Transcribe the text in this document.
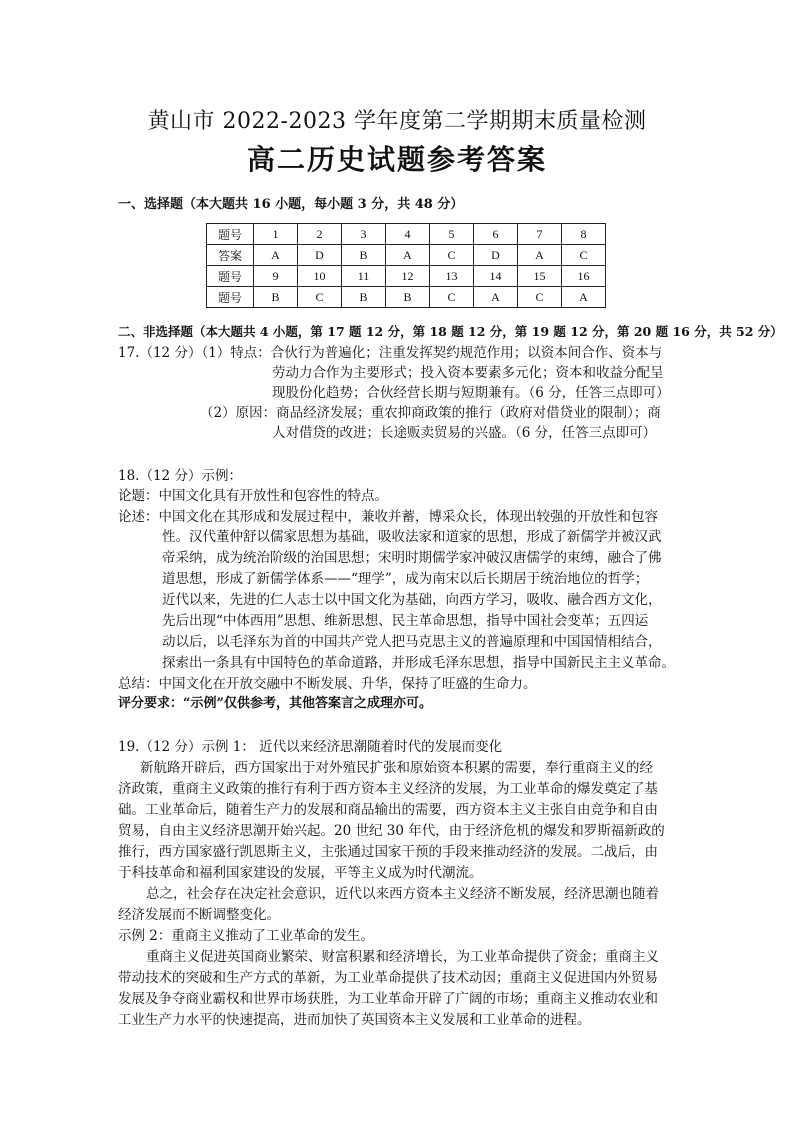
黄山市 2022-2023 学年度第二学期期末质量检测
高二历史试题参考答案
一、选择题（本大题共 16 小题，每小题 3 分，共 48 分）
题号	1	2	3	4	5	6	7	8
答案	A	D	B	A	C	D	A	C
题号	9	10	11	12	13	14	15	16
题号	B	C	B	B	C	A	C	A
二、非选择题（本大题共 4 小题，第 17 题 12 分，第 18 题 12 分，第 19 题 12 分，第 20 题 16 分，共 52 分）
17.（12 分）（1）特点：合伙行为普遍化；注重发挥契约规范作用；以资本间合作、资本与
劳动力合作为主要形式；投入资本要素多元化；资本和收益分配呈
现股份化趋势；合伙经营长期与短期兼有。（6 分，任答三点即可）
（2）原因：商品经济发展；重农抑商政策的推行（政府对借贷业的限制）；商
人对借贷的改进；长途贩卖贸易的兴盛。（6 分，任答三点即可）
18.（12 分）示例：
论题：中国文化具有开放性和包容性的特点。
论述：中国文化在其形成和发展过程中，兼收并蓄，博采众长，体现出较强的开放性和包容
性。汉代董仲舒以儒家思想为基础，吸收法家和道家的思想，形成了新儒学并被汉武
帝采纳，成为统治阶级的治国思想；宋明时期儒学家冲破汉唐儒学的束缚，融合了佛
道思想，形成了新儒学体系——“理学”，成为南宋以后长期居于统治地位的哲学；
近代以来，先进的仁人志士以中国文化为基础，向西方学习，吸收、融合西方文化，
先后出现“中体西用”思想、维新思想、民主革命思想，指导中国社会变革；五四运
动以后，以毛泽东为首的中国共产党人把马克思主义的普遍原理和中国国情相结合，
探索出一条具有中国特色的革命道路，并形成毛泽东思想，指导中国新民主主义革命。
总结：中国文化在开放交融中不断发展、升华，保持了旺盛的生命力。
评分要求：“示例”仅供参考，其他答案言之成理亦可。
19.（12 分）示例 1： 近代以来经济思潮随着时代的发展而变化
新航路开辟后，西方国家出于对外殖民扩张和原始资本积累的需要，奉行重商主义的经
济政策，重商主义政策的推行有利于西方资本主义经济的发展，为工业革命的爆发奠定了基
础。工业革命后，随着生产力的发展和商品输出的需要，西方资本主义主张自由竞争和自由
贸易，自由主义经济思潮开始兴起。20 世纪 30 年代，由于经济危机的爆发和罗斯福新政的
推行，西方国家盛行凯恩斯主义，主张通过国家干预的手段来推动经济的发展。二战后，由
于科技革命和福利国家建设的发展，平等主义成为时代潮流。
总之，社会存在决定社会意识，近代以来西方资本主义经济不断发展，经济思潮也随着
经济发展而不断调整变化。
示例 2：重商主义推动了工业革命的发生。
重商主义促进英国商业繁荣、财富积累和经济增长，为工业革命提供了资金；重商主义
带动技术的突破和生产方式的革新，为工业革命提供了技术动因；重商主义促进国内外贸易
发展及争夺商业霸权和世界市场获胜，为工业革命开辟了广阔的市场；重商主义推动农业和
工业生产力水平的快速提高，进而加快了英国资本主义发展和工业革命的进程。
